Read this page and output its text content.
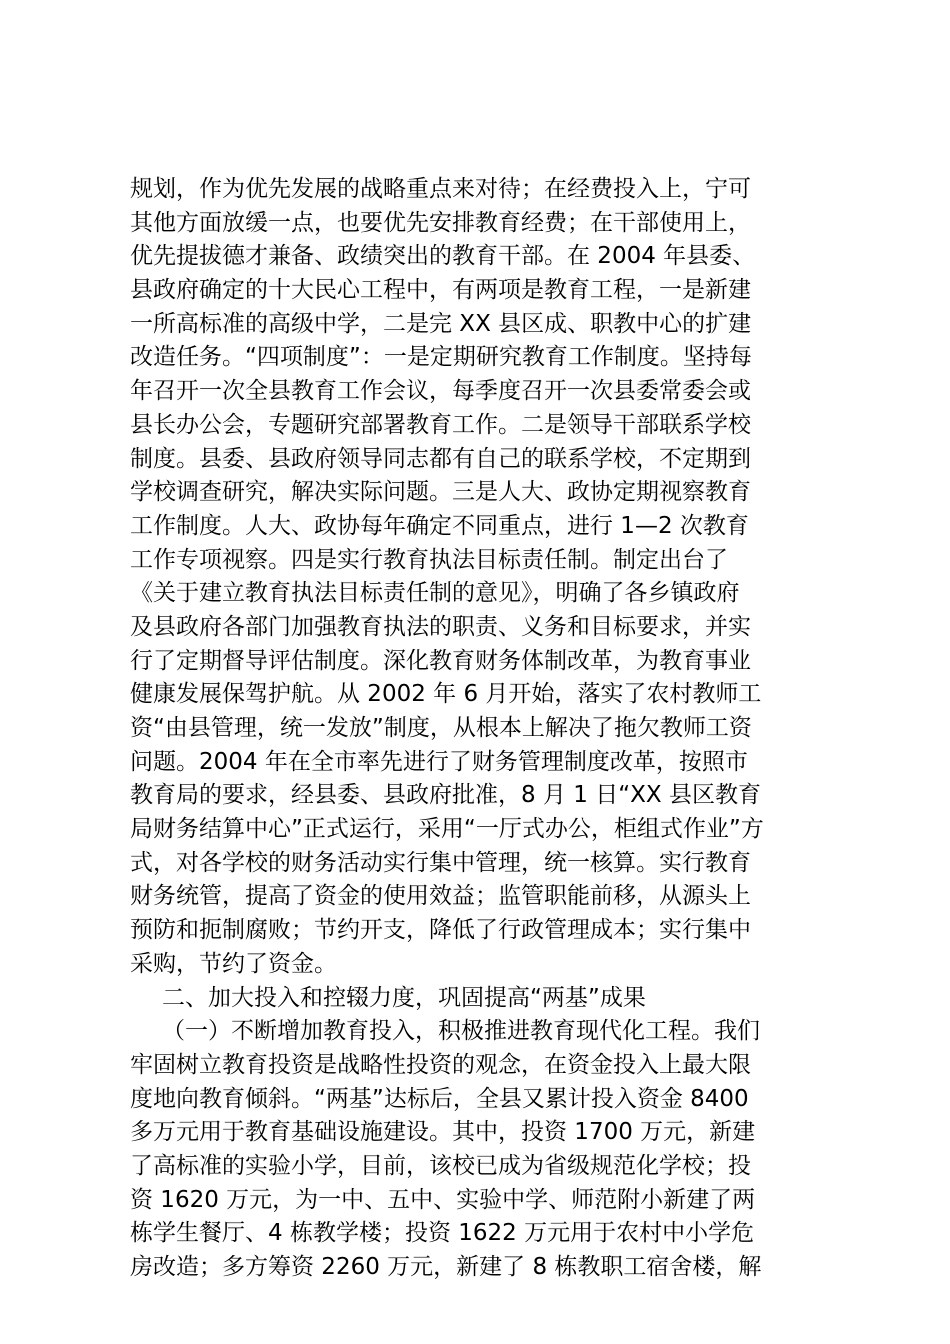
规划，作为优先发展的战略重点来对待；在经费投入上，宁可
其他方面放缓一点，也要优先安排教育经费；在干部使用上，
优先提拔德才兼备、政绩突出的教育干部。在 2004 年县委、
县政府确定的十大民心工程中，有两项是教育工程，一是新建
一所高标准的高级中学，二是完 XX 县区成、职教中心的扩建
改造任务。“四项制度”：一是定期研究教育工作制度。坚持每
年召开一次全县教育工作会议，每季度召开一次县委常委会或
县长办公会，专题研究部署教育工作。二是领导干部联系学校
制度。县委、县政府领导同志都有自己的联系学校，不定期到
学校调查研究，解决实际问题。三是人大、政协定期视察教育
工作制度。人大、政协每年确定不同重点，进行 1—2 次教育
工作专项视察。四是实行教育执法目标责任制。制定出台了
《关于建立教育执法目标责任制的意见》，明确了各乡镇政府
及县政府各部门加强教育执法的职责、义务和目标要求，并实
行了定期督导评估制度。深化教育财务体制改革，为教育事业
健康发展保驾护航。从 2002 年 6 月开始，落实了农村教师工
资“由县管理，统一发放”制度，从根本上解决了拖欠教师工资
问题。2004 年在全市率先进行了财务管理制度改革，按照市
教育局的要求，经县委、县政府批准，8 月 1 日“XX 县区教育
局财务结算中心”正式运行，采用“一厅式办公，柜组式作业”方
式，对各学校的财务活动实行集中管理，统一核算。实行教育
财务统管，提高了资金的使用效益；监管职能前移，从源头上
预防和扼制腐败；节约开支，降低了行政管理成本；实行集中
采购，节约了资金。
二、加大投入和控辍力度，巩固提高“两基”成果
（一）不断增加教育投入，积极推进教育现代化工程。我们
牢固树立教育投资是战略性投资的观念，在资金投入上最大限
度地向教育倾斜。“两基”达标后，全县又累计投入资金 8400
多万元用于教育基础设施建设。其中，投资 1700 万元，新建
了高标准的实验小学，目前，该校已成为省级规范化学校；投
资 1620 万元，为一中、五中、实验中学、师范附小新建了两
栋学生餐厅、4 栋教学楼；投资 1622 万元用于农村中小学危
房改造；多方筹资 2260 万元，新建了 8 栋教职工宿舍楼，解
